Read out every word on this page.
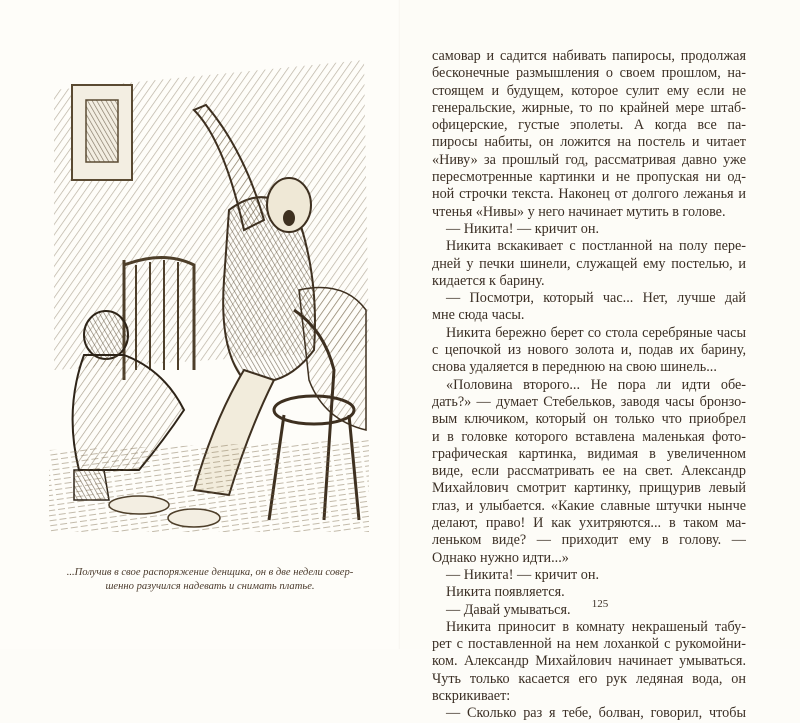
...Получив в свое распоряжение денщика, он в две недели совер-
шенно разучился надевать и снимать платье.
самовар и садится набивать папиросы, продолжая
бесконечные размышления о своем прошлом, на-
стоящем и будущем, которое сулит ему если не
генеральские, жирные, то по крайней мере штаб-
офицерские, густые эполеты. А когда все па-
пиросы набиты, он ложится на постель и читает
«Ниву» за прошлый год, рассматривая давно уже
пересмотренные картинки и не пропуская ни од-
ной строчки текста. Наконец от долгого лежанья и
чтенья «Нивы» у него начинает мутить в голове.
— Никита! — кричит он.
Никита вскакивает с постланной на полу пере-
дней у печки шинели, служащей ему постелью, и
кидается к барину.
— Посмотри, который час... Нет, лучше дай
мне сюда часы.
Никита бережно берет со стола серебряные часы
с цепочкой из нового золота и, подав их барину,
снова удаляется в переднюю на свою шинель...
«Половина второго... Не пора ли идти обе-
дать?» — думает Стебельков, заводя часы бронзо-
вым ключиком, который он только что приобрел
и в головке которого вставлена маленькая фото-
графическая картинка, видимая в увеличенном
виде, если рассматривать ее на свет. Александр
Михайлович смотрит картинку, прищурив левый
глаз, и улыбается. «Какие славные штучки нынче
делают, право! И как ухитряются... в таком ма-
леньком виде? — приходит ему в голову. —
Однако нужно идти...»
— Никита! — кричит он.
Никита появляется.
— Давай умываться.
Никита приносит в комнату некрашеный табу-
рет с поставленной на нем лоханкой с рукомойни-
ком. Александр Михайлович начинает умываться.
Чуть только касается его рук ледяная вода, он
вскрикивает:
— Сколько раз я тебе, болван, говорил, чтобы
125
